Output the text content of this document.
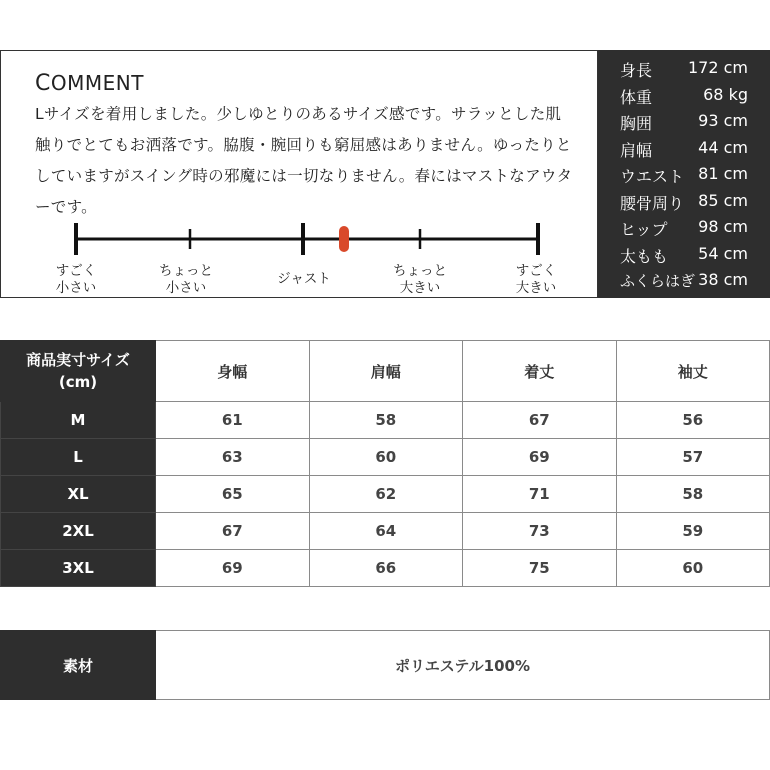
COMMENT
Lサイズを着用しました。少しゆとりのあるサイズ感です。サラッとした肌触りでとてもお洒落です。脇腹・腕回りも窮屈感はありません。ゆったりとしていますがスイング時の邪魔には一切なりません。春にはマストなアウターです。
すごく
小さい
ちょっと
小さい
ジャスト	ちょっと
大きい
すごく
大きい
身長 172 cm
体重	68 kg
胸囲	93 cm
肩幅	44 cm
ウエスト 81 cm
腰骨周り 85 cm
ヒップ 98 cm
太もも 54 cm
ふくらはぎ 38 cm
商品実寸サイズ
(cm)	身幅	肩幅	着丈	袖丈
M	61	58	67	56
L	63	60	69	57
XL	65	62	71	58
2XL	67	64	73	59
3XL	69	66	75	60
素材	ポリエステル100%
